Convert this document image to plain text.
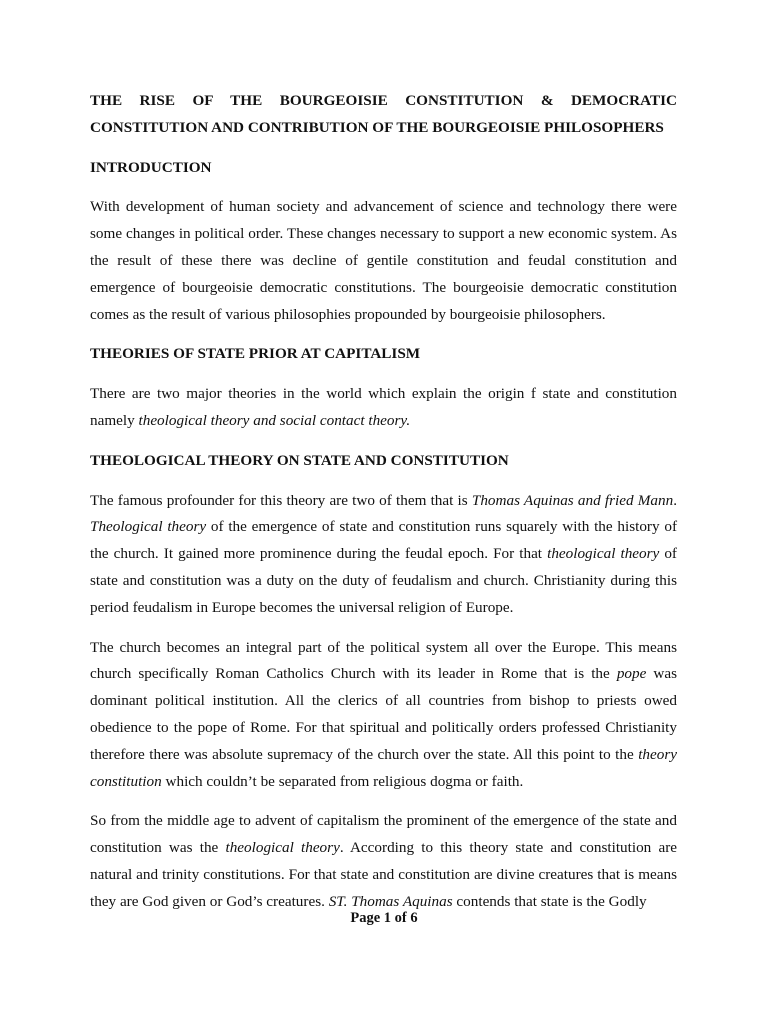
THE RISE OF THE BOURGEOISIE CONSTITUTION & DEMOCRATIC CONSTITUTION AND CONTRIBUTION OF THE BOURGEOISIE PHILOSOPHERS
INTRODUCTION
With development of human society and advancement of science and technology there were some changes in political order. These changes necessary to support a new economic system. As the result of these there was decline of gentile constitution and feudal constitution and emergence of bourgeoisie democratic constitutions. The bourgeoisie democratic constitution comes as the result of various philosophies propounded by bourgeoisie philosophers.
THEORIES OF STATE PRIOR AT CAPITALISM
There are two major theories in the world which explain the origin f state and constitution namely theological theory and social contact theory.
THEOLOGICAL THEORY ON STATE AND CONSTITUTION
The famous profounder for this theory are two of them that is Thomas Aquinas and fried Mann. Theological theory of the emergence of state and constitution runs squarely with the history of the church. It gained more prominence during the feudal epoch. For that theological theory of state and constitution was a duty on the duty of feudalism and church. Christianity during this period feudalism in Europe becomes the universal religion of Europe.
The church becomes an integral part of the political system all over the Europe. This means church specifically Roman Catholics Church with its leader in Rome that is the pope was dominant political institution. All the clerics of all countries from bishop to priests owed obedience to the pope of Rome. For that spiritual and politically orders professed Christianity therefore there was absolute supremacy of the church over the state. All this point to the theory constitution which couldn’t be separated from religious dogma or faith.
So from the middle age to advent of capitalism the prominent of the emergence of the state and constitution was the theological theory. According to this theory state and constitution are natural and trinity constitutions. For that state and constitution are divine creatures that is means they are God given or God’s creatures. ST. Thomas Aquinas contends that state is the Godly
Page 1 of 6
